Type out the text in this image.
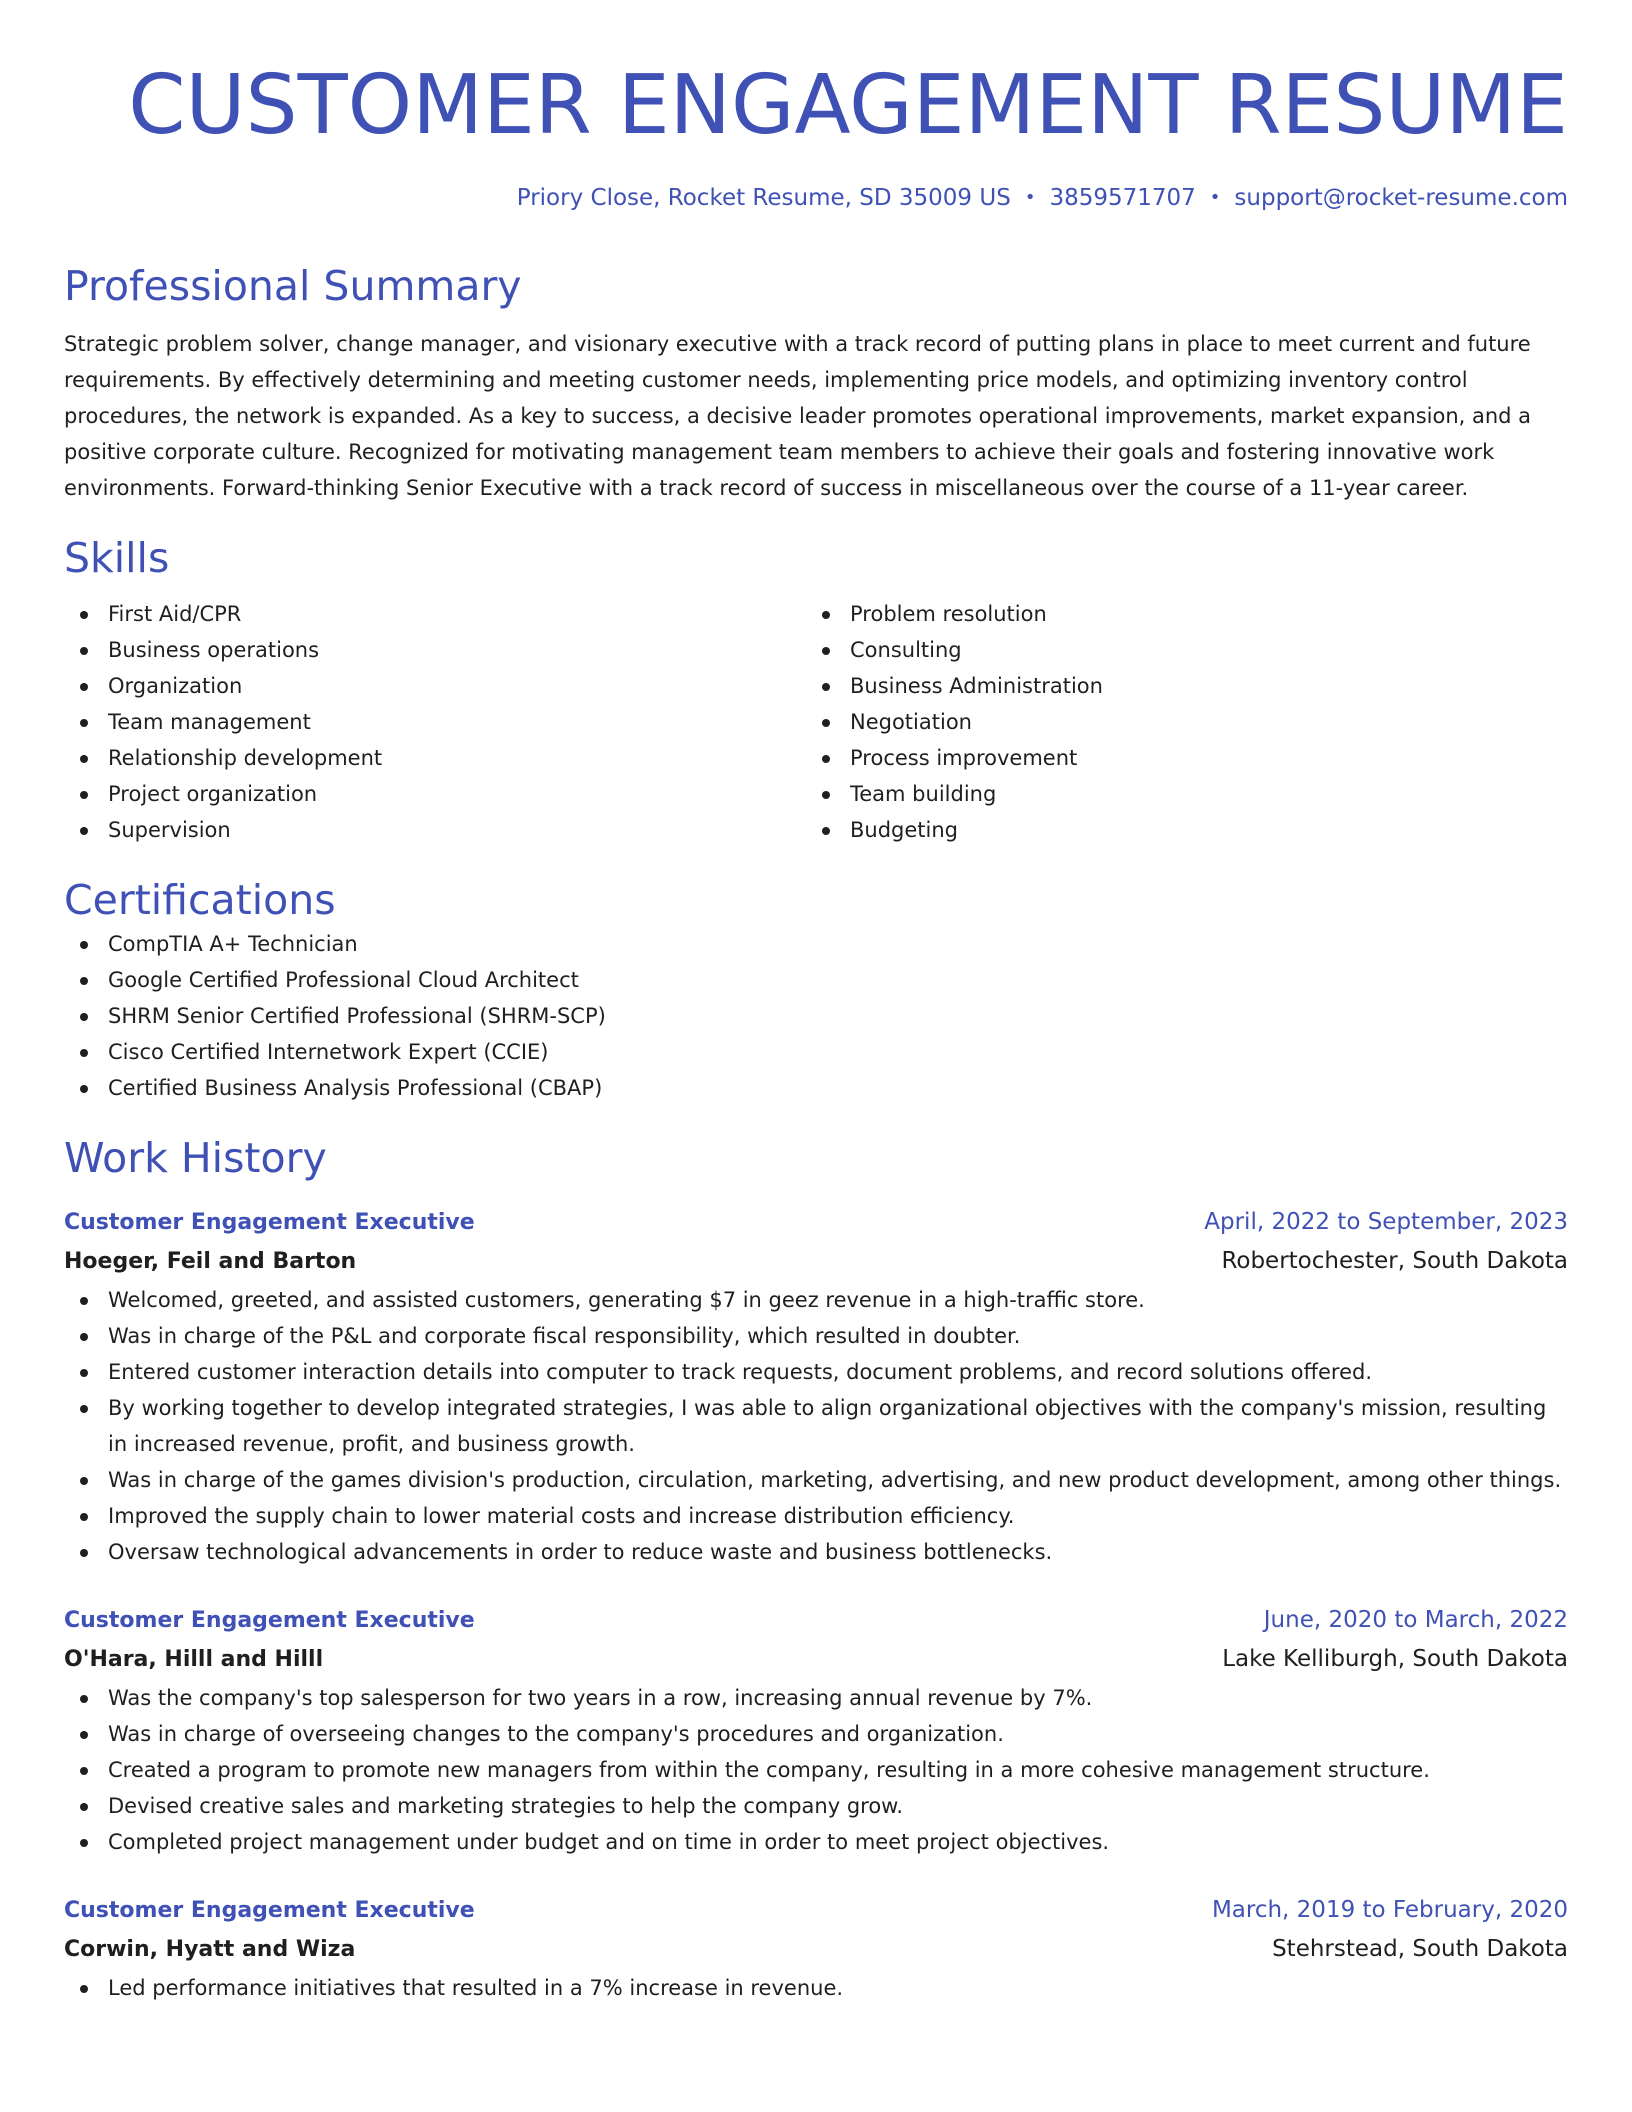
CUSTOMER ENGAGEMENT RESUME
Priory Close, Rocket Resume, SD 35009 US • 3859571707 • support@rocket-resume.com
Professional Summary

Strategic problem solver, change manager, and visionary executive with a track record of putting plans in place to meet current and future requirements. By effectively determining and meeting customer needs, implementing price models, and optimizing inventory control procedures, the network is expanded. As a key to success, a decisive leader promotes operational improvements, market expansion, and a positive corporate culture. Recognized for motivating management team members to achieve their goals and fostering innovative work environments. Forward-thinking Senior Executive with a track record of success in miscellaneous over the course of a 11-year career.

Skills
First Aid/CPR
Business operations
Organization
Team management
Relationship development
Project organization
Supervision
Problem resolution
Consulting
Business Administration
Negotiation
Process improvement
Team building
Budgeting
Certifications
CompTIA A+ Technician
Google Certified Professional Cloud Architect
SHRM Senior Certified Professional (SHRM-SCP)
Cisco Certified Internetwork Expert (CCIE)
Certified Business Analysis Professional (CBAP)
Work History
Customer Engagement Executive	April, 2022 to September, 2023
Hoeger, Feil and Barton	Robertochester, South Dakota
Welcomed, greeted, and assisted customers, generating $7 in geez revenue in a high-traffic store.
Was in charge of the P&L and corporate fiscal responsibility, which resulted in doubter.
Entered customer interaction details into computer to track requests, document problems, and record solutions offered.
By working together to develop integrated strategies, I was able to align organizational objectives with the company's mission, resulting in increased revenue, profit, and business growth.
Was in charge of the games division's production, circulation, marketing, advertising, and new product development, among other things.
Improved the supply chain to lower material costs and increase distribution efficiency.
Oversaw technological advancements in order to reduce waste and business bottlenecks.
Customer Engagement Executive	June, 2020 to March, 2022
O'Hara, Hilll and Hilll	Lake Kelliburgh, South Dakota
Was the company's top salesperson for two years in a row, increasing annual revenue by 7%.
Was in charge of overseeing changes to the company's procedures and organization.
Created a program to promote new managers from within the company, resulting in a more cohesive management structure.
Devised creative sales and marketing strategies to help the company grow.
Completed project management under budget and on time in order to meet project objectives.
Customer Engagement Executive	March, 2019 to February, 2020
Corwin, Hyatt and Wiza	Stehrstead, South Dakota
Led performance initiatives that resulted in a 7% increase in revenue.
